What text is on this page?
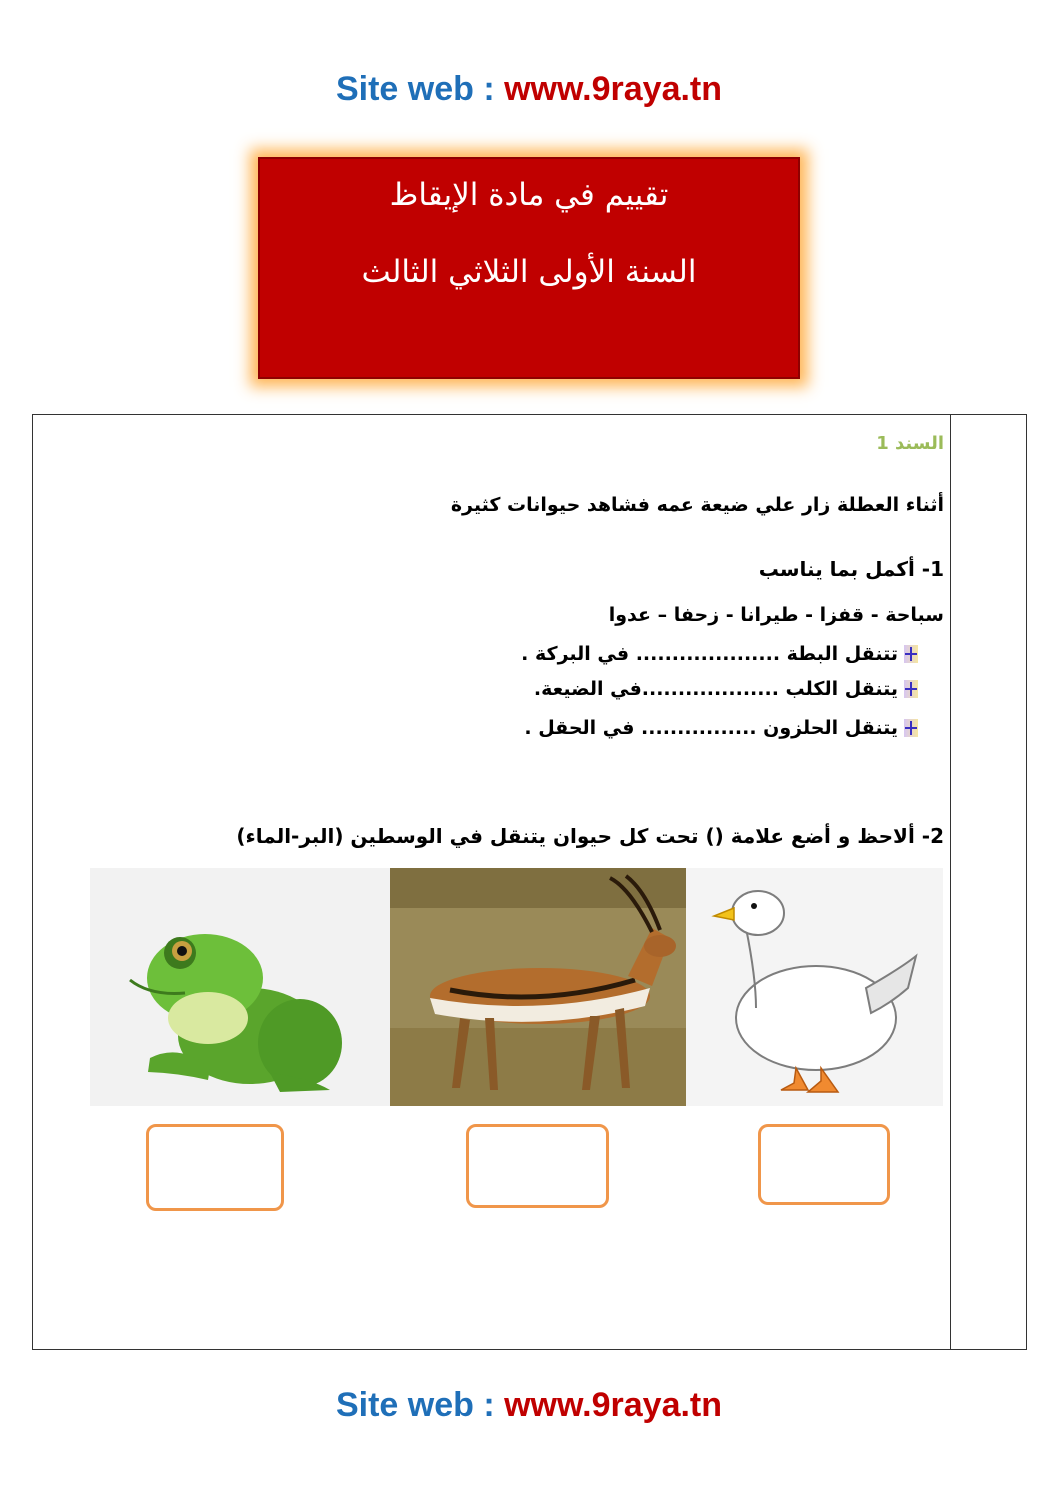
Site web : www.9raya.tn
تقييم في مادة الإيقاظ
السنة الأولى الثلاثي الثالث
السند 1
أثناء العطلة زار علي ضيعة عمه فشاهد حيوانات كثيرة
1- أكمل بما يناسب
سباحة - قفزا - طيرانا - زحفا – عدوا
تتنقل البطة .................... في البركة .
يتنقل الكلب ...................في الضيعة.
يتنقل الحلزون ................ في الحقل .
2- ألاحظ و أضع علامة () تحت كل حيوان يتنقل في الوسطين (البر-الماء)
Site web : www.9raya.tn
